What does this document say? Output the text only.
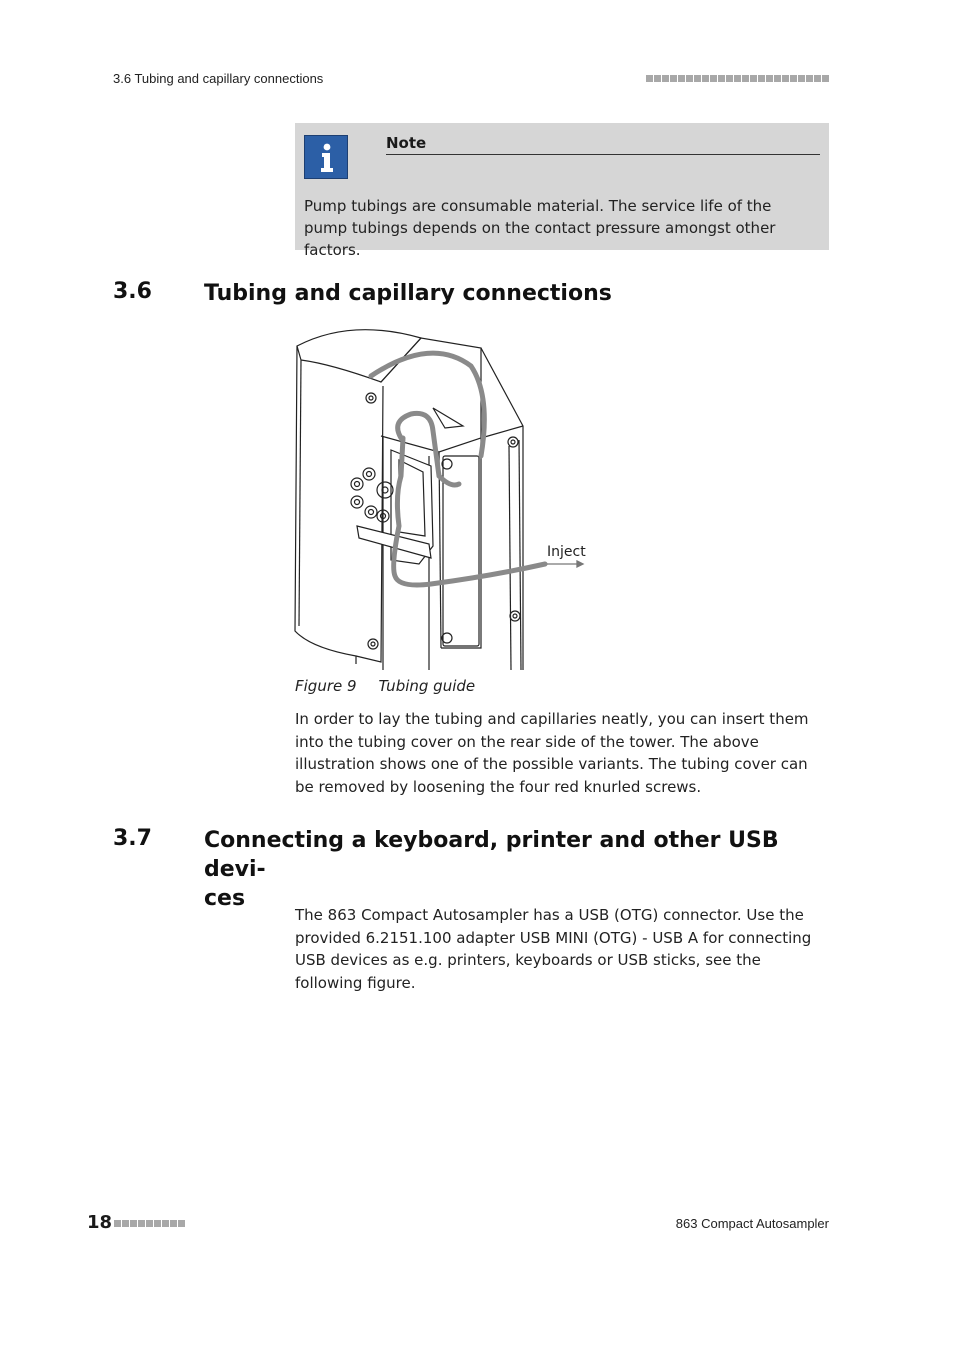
3.6 Tubing and capillary connections
Note
Pump tubings are consumable material. The service life of the pump tubings depends on the contact pressure amongst other factors.
3.6 Tubing and capillary connections
Inject
Figure 9 Tubing guide
In order to lay the tubing and capillaries neatly, you can insert them into the tubing cover on the rear side of the tower. The above illustration shows one of the possible variants. The tubing cover can be removed by loosening the four red knurled screws.
3.7 Connecting a keyboard, printer and other USB devi-
ces
The 863 Compact Autosampler has a USB (OTG) connector. Use the provided 6.2151.100 adapter USB MINI (OTG) - USB A for connecting USB devices as e.g. printers, keyboards or USB sticks, see the following figure.
18	863 Compact Autosampler
